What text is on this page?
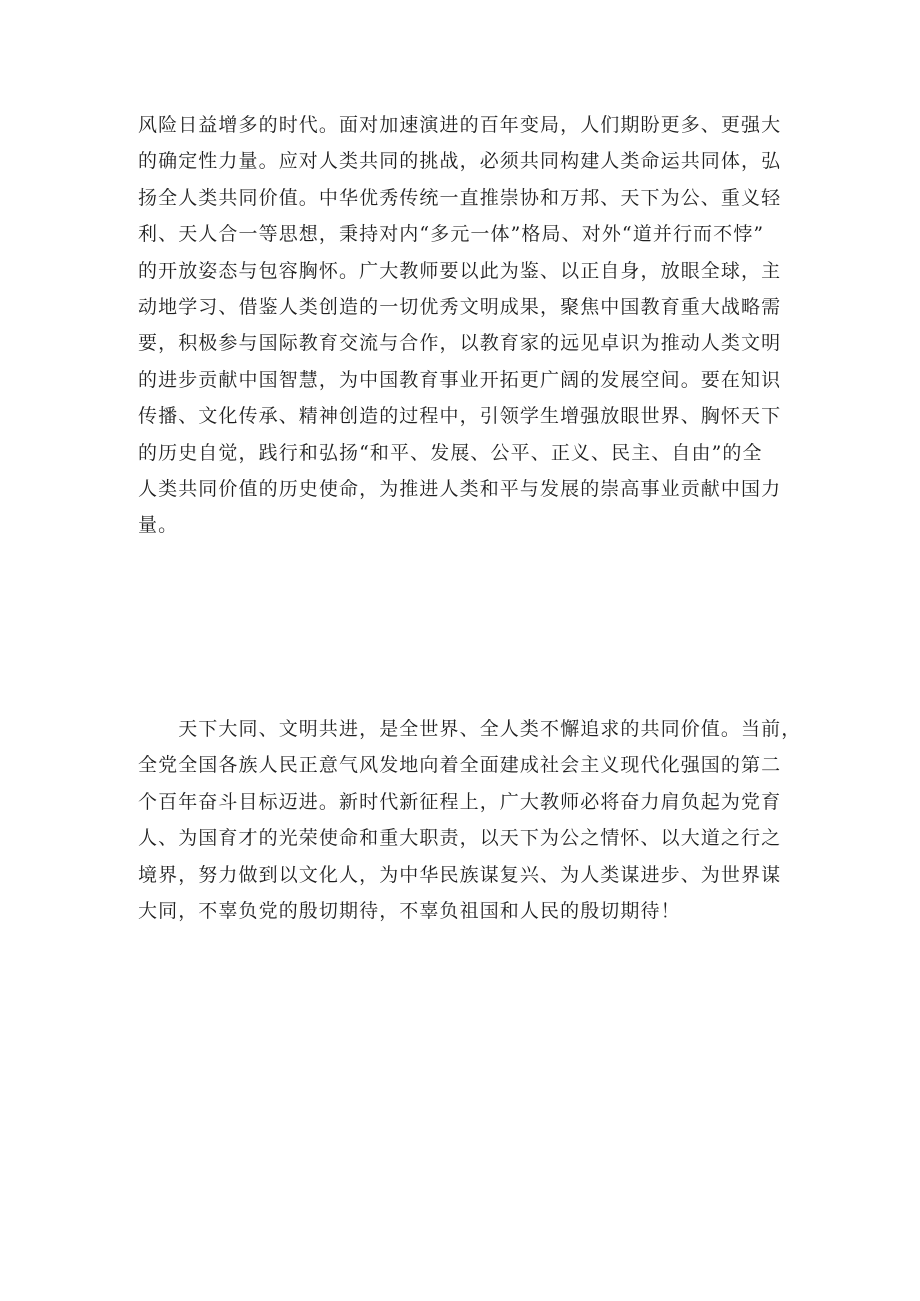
风险日益增多的时代。面对加速演进的百年变局，人们期盼更多、更强大
的确定性力量。应对人类共同的挑战，必须共同构建人类命运共同体，弘
扬全人类共同价值。中华优秀传统一直推崇协和万邦、天下为公、重义轻
利、天人合一等思想，秉持对内“多元一体”格局、对外“道并行而不悖”
的开放姿态与包容胸怀。广大教师要以此为鉴、以正自身，放眼全球，主
动地学习、借鉴人类创造的一切优秀文明成果，聚焦中国教育重大战略需
要，积极参与国际教育交流与合作，以教育家的远见卓识为推动人类文明
的进步贡献中国智慧，为中国教育事业开拓更广阔的发展空间。要在知识
传播、文化传承、精神创造的过程中，引领学生增强放眼世界、胸怀天下
的历史自觉，践行和弘扬“和平、发展、公平、正义、民主、自由”的全
人类共同价值的历史使命，为推进人类和平与发展的崇高事业贡献中国力
量。
　　天下大同、文明共进，是全世界、全人类不懈追求的共同价值。当前，
全党全国各族人民正意气风发地向着全面建成社会主义现代化强国的第二
个百年奋斗目标迈进。新时代新征程上，广大教师必将奋力肩负起为党育
人、为国育才的光荣使命和重大职责，以天下为公之情怀、以大道之行之
境界，努力做到以文化人，为中华民族谋复兴、为人类谋进步、为世界谋
大同，不辜负党的殷切期待，不辜负祖国和人民的殷切期待！
